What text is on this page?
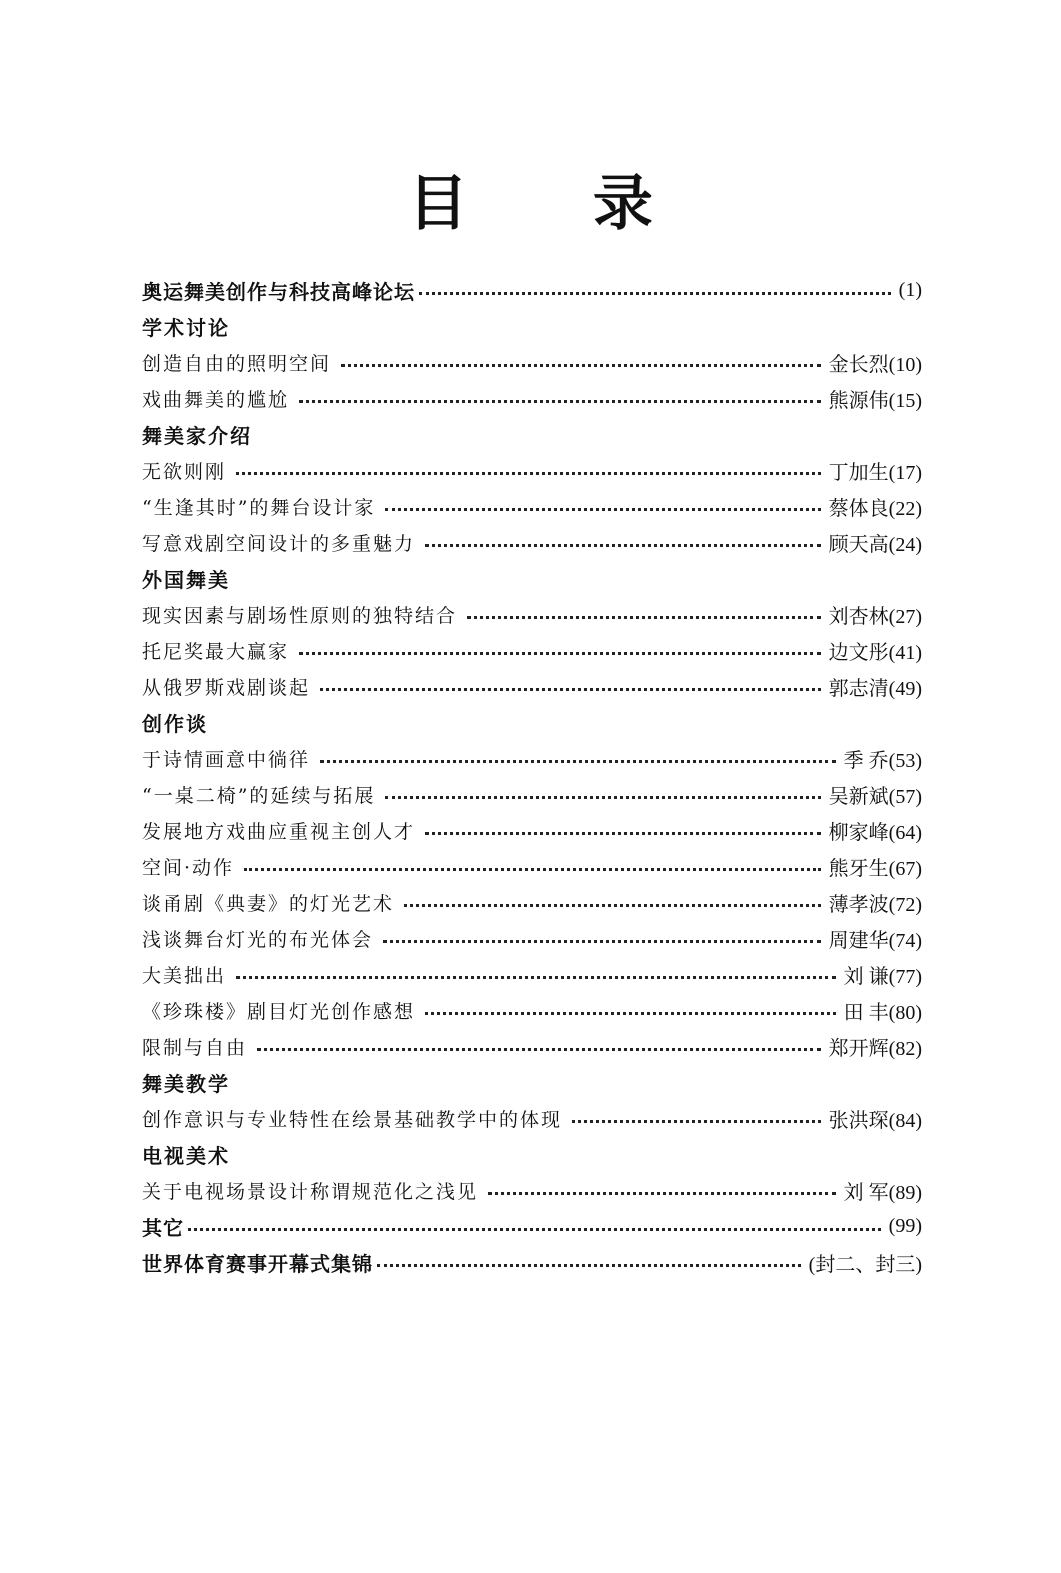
目 录
奥运舞美创作与科技高峰论坛	(1)
学术讨论
创造自由的照明空间	金长烈(10)
戏曲舞美的尴尬	熊源伟(15)
舞美家介绍
无欲则刚	丁加生(17)
“生逢其时”的舞台设计家	蔡体良(22)
写意戏剧空间设计的多重魅力	顾天高(24)
外国舞美
现实因素与剧场性原则的独特结合	刘杏林(27)
托尼奖最大赢家	边文彤(41)
从俄罗斯戏剧谈起	郭志清(49)
创作谈
于诗情画意中徜徉	季 乔(53)
“一桌二椅”的延续与拓展	吴新斌(57)
发展地方戏曲应重视主创人才	柳家峰(64)
空间·动作	熊牙生(67)
谈甬剧《典妻》的灯光艺术	薄孝波(72)
浅谈舞台灯光的布光体会	周建华(74)
大美拙出	刘 谦(77)
《珍珠楼》剧目灯光创作感想	田 丰(80)
限制与自由	郑开辉(82)
舞美教学
创作意识与专业特性在绘景基础教学中的体现	张洪琛(84)
电视美术
关于电视场景设计称谓规范化之浅见	刘 军(89)
其它	(99)
世界体育赛事开幕式集锦	(封二、封三)
